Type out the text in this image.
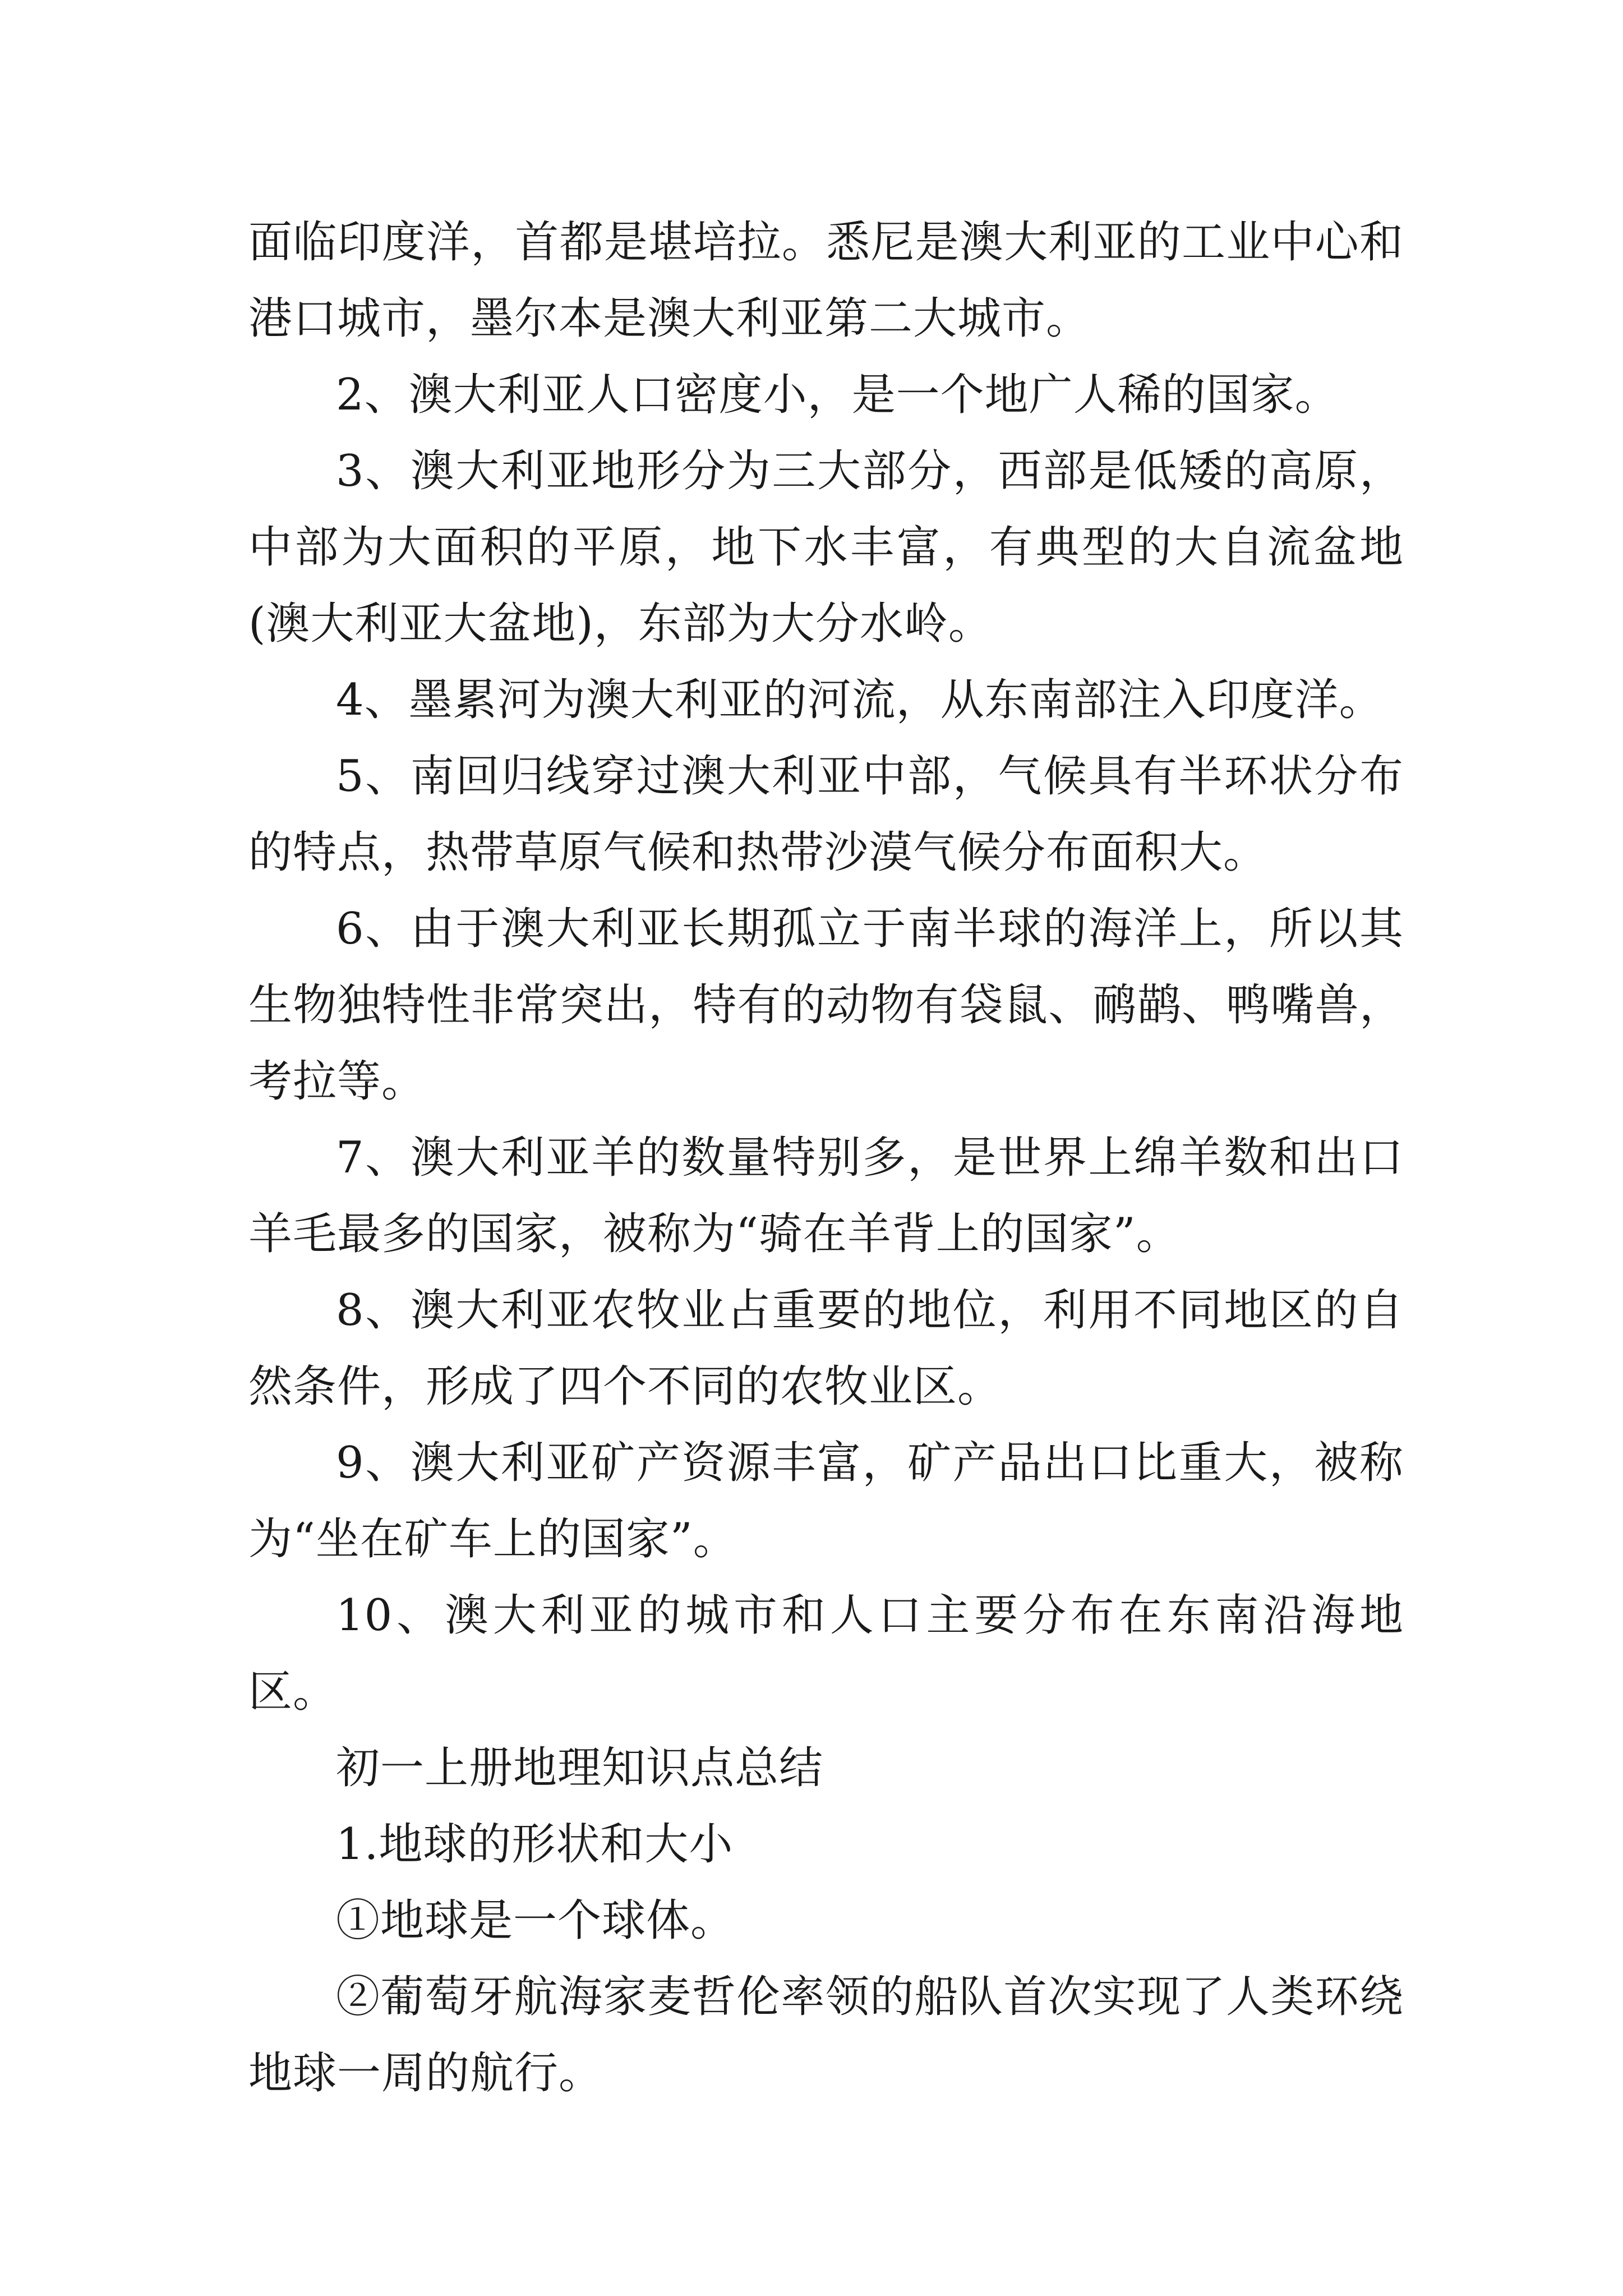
面临印度洋，首都是堪培拉。悉尼是澳大利亚的工业中心和港口城市，墨尔本是澳大利亚第二大城市。

2、澳大利亚人口密度小，是一个地广人稀的国家。

3、澳大利亚地形分为三大部分，西部是低矮的高原，中部为大面积的平原，地下水丰富，有典型的大自流盆地(澳大利亚大盆地)，东部为大分水岭。

4、墨累河为澳大利亚的河流，从东南部注入印度洋。

5、南回归线穿过澳大利亚中部，气候具有半环状分布的特点，热带草原气候和热带沙漠气候分布面积大。

6、由于澳大利亚长期孤立于南半球的海洋上，所以其生物独特性非常突出，特有的动物有袋鼠、鸸鹋、鸭嘴兽，考拉等。

7、澳大利亚羊的数量特别多，是世界上绵羊数和出口羊毛最多的国家，被称为“骑在羊背上的国家”。

8、澳大利亚农牧业占重要的地位，利用不同地区的自然条件，形成了四个不同的农牧业区。

9、澳大利亚矿产资源丰富，矿产品出口比重大，被称为“坐在矿车上的国家”。

10、澳大利亚的城市和人口主要分布在东南沿海地区。

初一上册地理知识点总结

1.地球的形状和大小

①地球是一个球体。

②葡萄牙航海家麦哲伦率领的船队首次实现了人类环绕地球一周的航行。
